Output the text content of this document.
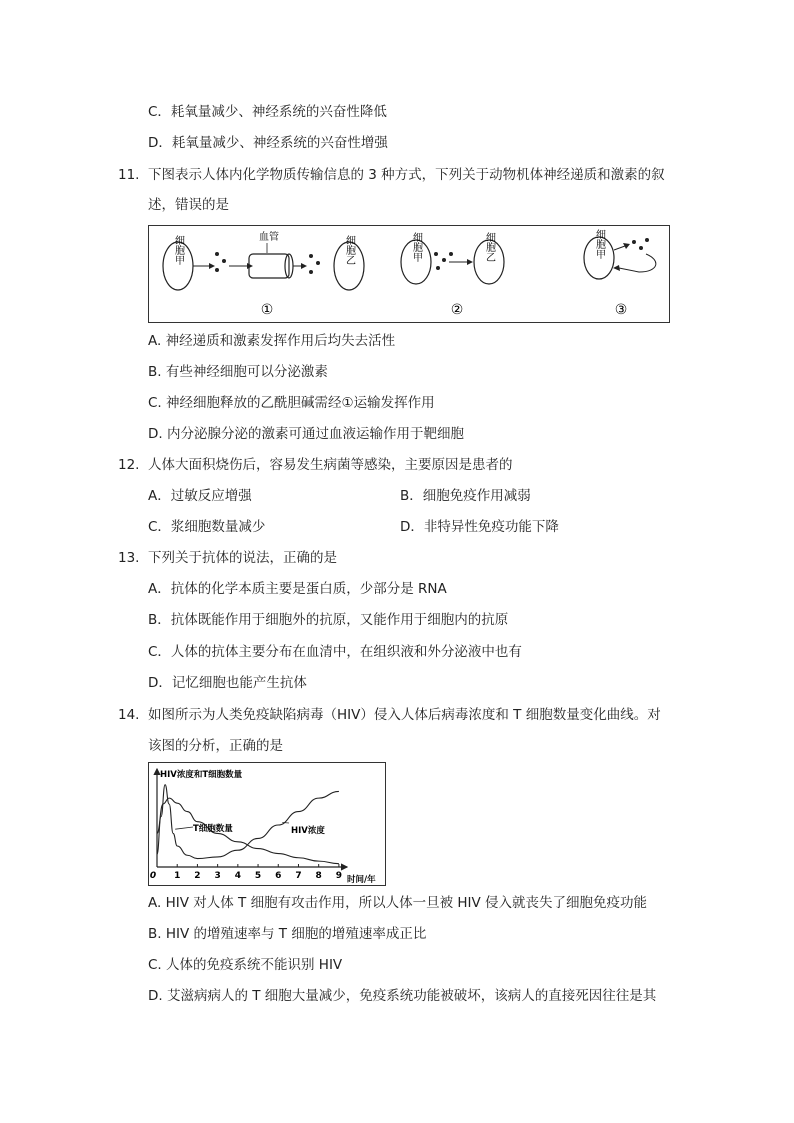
C．耗氧量减少、神经系统的兴奋性降低
D．耗氧量减少、神经系统的兴奋性增强
11. 下图表示人体内化学物质传输信息的 3 种方式，下列关于动物机体神经递质和激素的叙
述，错误的是
细胞甲	血管	细胞乙
①
细胞甲	细胞乙
②
细胞甲
③
A. 神经递质和激素发挥作用后均失去活性
B. 有些神经细胞可以分泌激素
C. 神经细胞释放的乙酰胆碱需经①运输发挥作用
D. 内分泌腺分泌的激素可通过血液运输作用于靶细胞
12. 人体大面积烧伤后，容易发生病菌等感染，主要原因是患者的
A．过敏反应增强	B．细胞免疫作用减弱
C．浆细胞数量减少	D．非特异性免疫功能下降
13. 下列关于抗体的说法，正确的是
A．抗体的化学本质主要是蛋白质，少部分是 RNA
B．抗体既能作用于细胞外的抗原，又能作用于细胞内的抗原
C．人体的抗体主要分布在血清中，在组织液和外分泌液中也有
D．记忆细胞也能产生抗体
14. 如图所示为人类免疫缺陷病毒（HIV）侵入人体后病毒浓度和 T 细胞数量变化曲线。对
该图的分析，正确的是
HIV浓度和T细胞数量
时间/年
0 1 2 3 4 5 6 7 8 9
T细胞数量	HIV浓度
A. HIV 对人体 T 细胞有攻击作用，所以人体一旦被 HIV 侵入就丧失了细胞免疫功能
B. HIV 的增殖速率与 T 细胞的增殖速率成正比
C. 人体的免疫系统不能识别 HIV
D. 艾滋病病人的 T 细胞大量减少，免疫系统功能被破坏，该病人的直接死因往往是其
